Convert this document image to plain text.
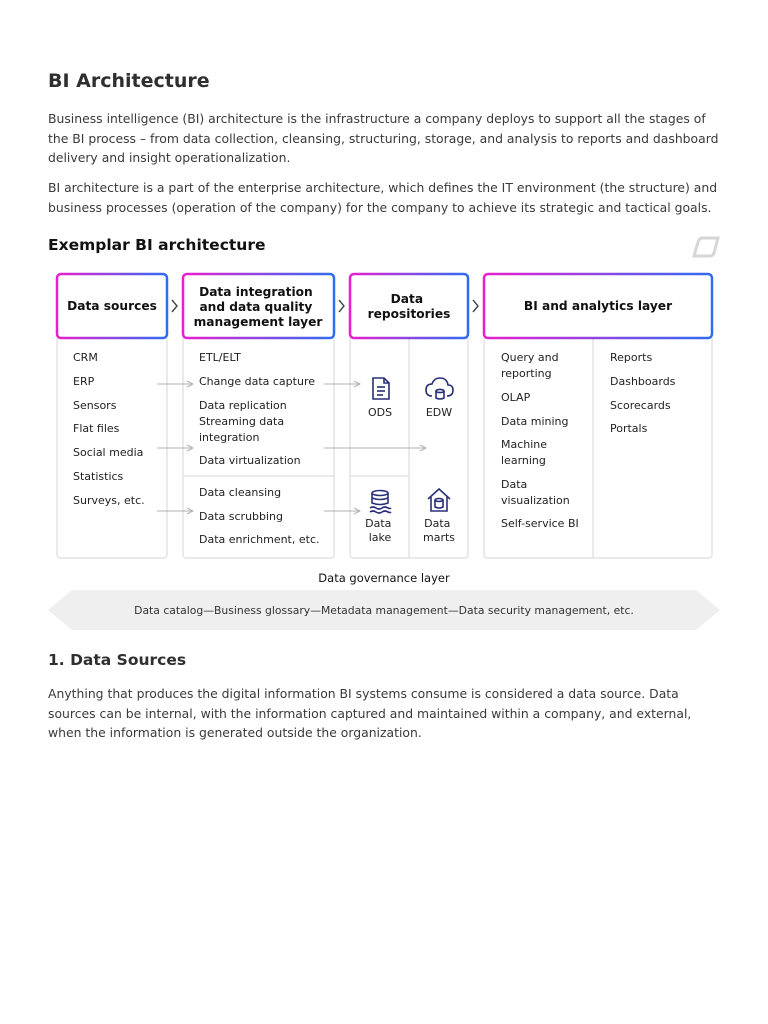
BI Architecture

Business intelligence (BI) architecture is the infrastructure a company deploys to support all the stages of the BI process – from data collection, cleansing, structuring, storage, and analysis to reports and dashboard delivery and insight operationalization.

BI architecture is a part of the enterprise architecture, which defines the IT environment (the structure) and business processes (operation of the company) for the company to achieve its strategic and tactical goals.

Exemplar BI architecture
Data sources
Data integration and data quality management layer
Data repositories
BI and analytics layer
CRM
ERP
Sensors
Flat files
Social media
Statistics
Surveys, etc.
ETL/ELT
Change data capture
Data replication
Streaming data
integration
Data virtualization
Data cleansing
Data scrubbing
Data enrichment, etc.
ODS	EDW
Data lake
Data marts
Query and
reporting
OLAP
Data mining
Machine
learning
Data
visualization
Self-service BI
Reports
Dashboards
Scorecards
Portals
Data governance layer
Data catalog—Business glossary—Metadata management—Data security management, etc.
1. Data Sources

Anything that produces the digital information BI systems consume is considered a data source. Data sources can be internal, with the information captured and maintained within a company, and external, when the information is generated outside the organization.
